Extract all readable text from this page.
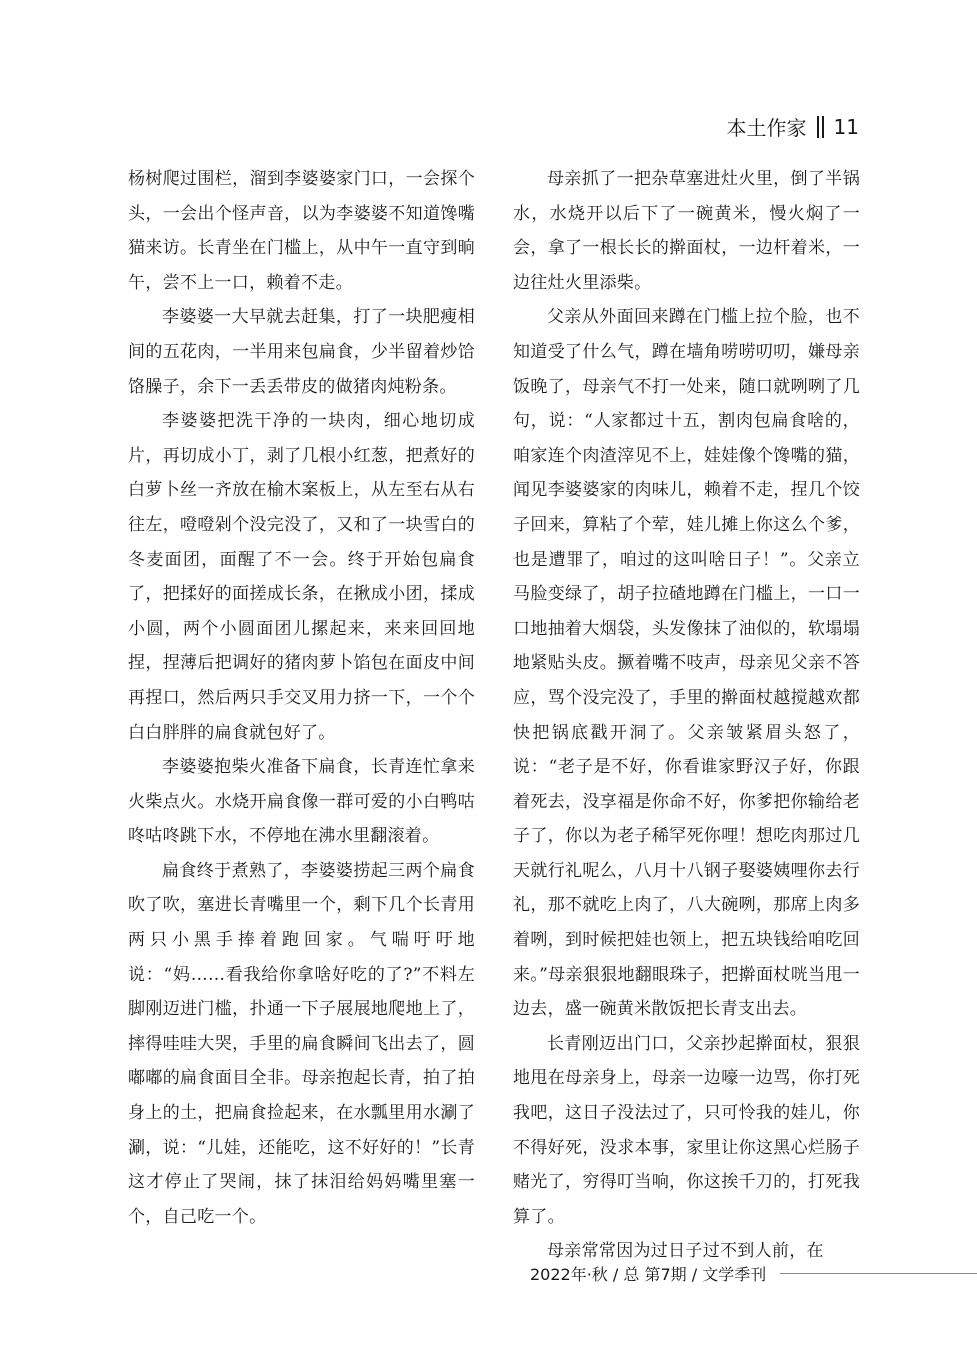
本土作家 11

杨树爬过围栏，溜到李婆婆家门口，一会探个头，一会出个怪声音，以为李婆婆不知道馋嘴猫来访。长青坐在门槛上，从中午一直守到晌午，尝不上一口，赖着不走。

李婆婆一大早就去赶集，打了一块肥瘦相间的五花肉，一半用来包扁食，少半留着炒饸饹臊子，余下一丢丢带皮的做猪肉炖粉条。

李婆婆把洗干净的一块肉，细心地切成片，再切成小丁，剥了几根小红葱，把煮好的白萝卜丝一齐放在榆木案板上，从左至右从右往左，噔噔剁个没完没了，又和了一块雪白的冬麦面团，面醒了不一会。终于开始包扁食了，把揉好的面搓成长条，在揪成小团，揉成小圆，两个小圆面团儿摞起来，来来回回地捏，捏薄后把调好的猪肉萝卜馅包在面皮中间再捏口，然后两只手交叉用力挤一下，一个个白白胖胖的扁食就包好了。

李婆婆抱柴火准备下扁食，长青连忙拿来火柴点火。水烧开扁食像一群可爱的小白鸭咕咚咕咚跳下水，不停地在沸水里翻滚着。

扁食终于煮熟了，李婆婆捞起三两个扁食吹了吹，塞进长青嘴里一个，剩下几个长青用两只小黑手捧着跑回家。气喘吁吁地说：“妈……看我给你拿啥好吃的了?”不料左脚刚迈进门槛，扑通一下子展展地爬地上了，摔得哇哇大哭，手里的扁食瞬间飞出去了，圆嘟嘟的扁食面目全非。母亲抱起长青，拍了拍身上的土，把扁食捡起来，在水瓢里用水涮了涮，说：“儿娃，还能吃，这不好好的！”长青这才停止了哭闹，抹了抹泪给妈妈嘴里塞一个，自己吃一个。

母亲抓了一把杂草塞进灶火里，倒了半锅水，水烧开以后下了一碗黄米，慢火焖了一会，拿了一根长长的擀面杖，一边杆着米，一边往灶火里添柴。

父亲从外面回来蹲在门槛上拉个脸，也不知道受了什么气，蹲在墙角唠唠叨叨，嫌母亲饭晚了，母亲气不打一处来，随口就咧咧了几句，说：“人家都过十五，割肉包扁食啥的，咱家连个肉渣滓见不上，娃娃像个馋嘴的猫，闻见李婆婆家的肉味儿，赖着不走，捏几个饺子回来，算粘了个荤，娃儿摊上你这么个爹，也是遭罪了，咱过的这叫啥日子！”。父亲立马脸变绿了，胡子拉碴地蹲在门槛上，一口一口地抽着大烟袋，头发像抹了油似的，软塌塌地紧贴头皮。撅着嘴不吱声，母亲见父亲不答应，骂个没完没了，手里的擀面杖越搅越欢都快把锅底戳开洞了。父亲皱紧眉头怒了，说：“老子是不好，你看谁家野汉子好，你跟着死去，没享福是你命不好，你爹把你输给老子了，你以为老子稀罕死你哩！想吃肉那过几天就行礼呢么，八月十八钢子娶婆姨哩你去行礼，那不就吃上肉了，八大碗咧，那席上肉多着咧，到时候把娃也领上，把五块钱给咱吃回来。”母亲狠狠地翻眼珠子，把擀面杖咣当甩一边去，盛一碗黄米散饭把长青支出去。

长青刚迈出门口，父亲抄起擀面杖，狠狠地甩在母亲身上，母亲一边嚎一边骂，你打死我吧，这日子没法过了，只可怜我的娃儿，你不得好死，没求本事，家里让你这黑心烂肠子赌光了，穷得叮当响，你这挨千刀的，打死我算了。

母亲常常因为过日子过不到人前，在

2022年·秋 / 总 第7期 / 文学季刊
